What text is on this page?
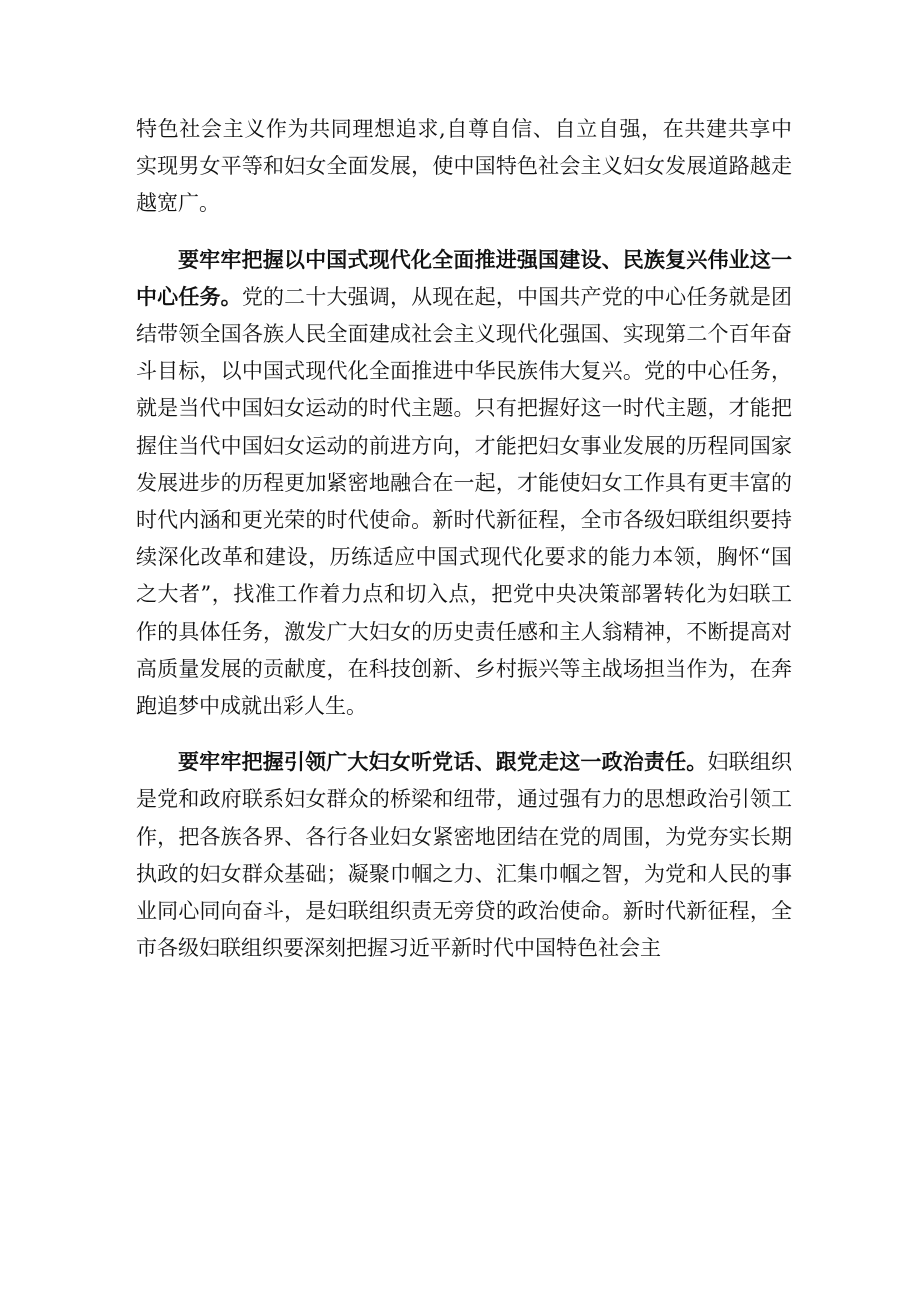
特色社会主义作为共同理想追求,自尊自信、自立自强，在共建共享中实现男女平等和妇女全面发展，使中国特色社会主义妇女发展道路越走越宽广。

要牢牢把握以中国式现代化全面推进强国建设、民族复兴伟业这一中心任务。党的二十大强调，从现在起，中国共产党的中心任务就是团结带领全国各族人民全面建成社会主义现代化强国、实现第二个百年奋斗目标，以中国式现代化全面推进中华民族伟大复兴。党的中心任务，就是当代中国妇女运动的时代主题。只有把握好这一时代主题，才能把握住当代中国妇女运动的前进方向，才能把妇女事业发展的历程同国家发展进步的历程更加紧密地融合在一起，才能使妇女工作具有更丰富的时代内涵和更光荣的时代使命。新时代新征程，全市各级妇联组织要持续深化改革和建设，历练适应中国式现代化要求的能力本领，胸怀“国之大者”，找准工作着力点和切入点，把党中央决策部署转化为妇联工作的具体任务，激发广大妇女的历史责任感和主人翁精神，不断提高对高质量发展的贡献度，在科技创新、乡村振兴等主战场担当作为，在奔跑追梦中成就出彩人生。

要牢牢把握引领广大妇女听党话、跟党走这一政治责任。妇联组织是党和政府联系妇女群众的桥梁和纽带，通过强有力的思想政治引领工作，把各族各界、各行各业妇女紧密地团结在党的周围，为党夯实长期执政的妇女群众基础；凝聚巾帼之力、汇集巾帼之智，为党和人民的事业同心同向奋斗，是妇联组织责无旁贷的政治使命。新时代新征程，全市各级妇联组织要深刻把握习近平新时代中国特色社会主
